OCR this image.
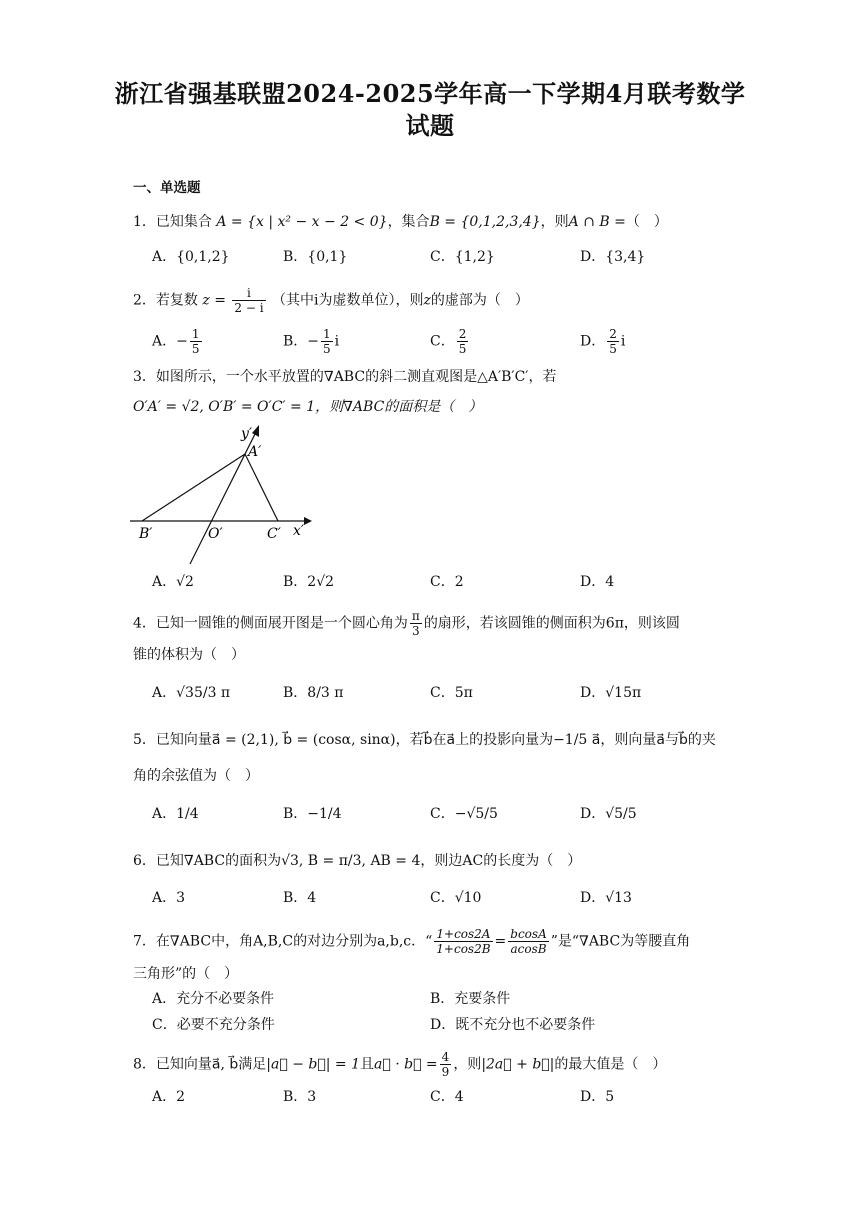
浙江省强基联盟2024-2025学年高一下学期4月联考数学
试题
一、单选题
1．已知集合 A = {x | x² − x − 2 < 0}，集合B = {0,1,2,3,4}，则A ∩ B =（　）
A．{0,1,2}	B．{0,1}	C．{1,2}	D．{3,4}
2．若复数 $z = \frac{i}{2 - i}$ （其中i为虚数单位），则z的虚部为（　）
A．− $\frac{1}{5}$	B．− $\frac{1}{5}$ i	C． $\frac{2}{5}$	D． $\frac{2}{5}$ i
3．如图所示，一个水平放置的∇ABC的斜二测直观图是△A′B′C′，若
O′A′ = √2, O′B′ = O′C′ = 1，则∇ABC的面积是（　）
y′
A′
B′	O′	C′ x′
A．√2	B．2√2	C．2	D．4
4．已知一圆锥的侧面展开图是一个圆心角为 $\frac{\pi}{3}$ 的扇形，若该圆锥的侧面积为6π，则该圆
锥的体积为（　）
A．√35/3 π	B．8/3 π	C．5π	D．√15π
5．已知向量a⃗ = (2,1), b⃗ = (cosα, sinα)，若b⃗在a⃗上的投影向量为−1/5 a⃗，则向量a⃗与b⃗的夹
角的余弦值为（　）
A．1/4	B．−1/4	C．−√5/5	D．√5/5
6．已知∇ABC的面积为√3, B = π/3, AB = 4，则边AC的长度为（　）
A．3	B．4	C．√10	D．√13
7．在∇ABC中，角A,B,C的对边分别为a,b,c．“ $\frac{1+\cos 2A}{1+\cos 2B} = \frac{bcosA}{acosB}$ ”是“∇ABC为等腰直角
三角形”的（　）
A．充分不必要条件	B．充要条件
C．必要不充分条件	D．既不充分也不必要条件
8．已知向量a⃗, b⃗满足|a⃗ − b⃗| = 1且a⃗ · b⃗ = $\frac{4}{9}$ ，则|2a⃗ + b⃗|的最大值是（　）
A．2	B．3	C．4	D．5
